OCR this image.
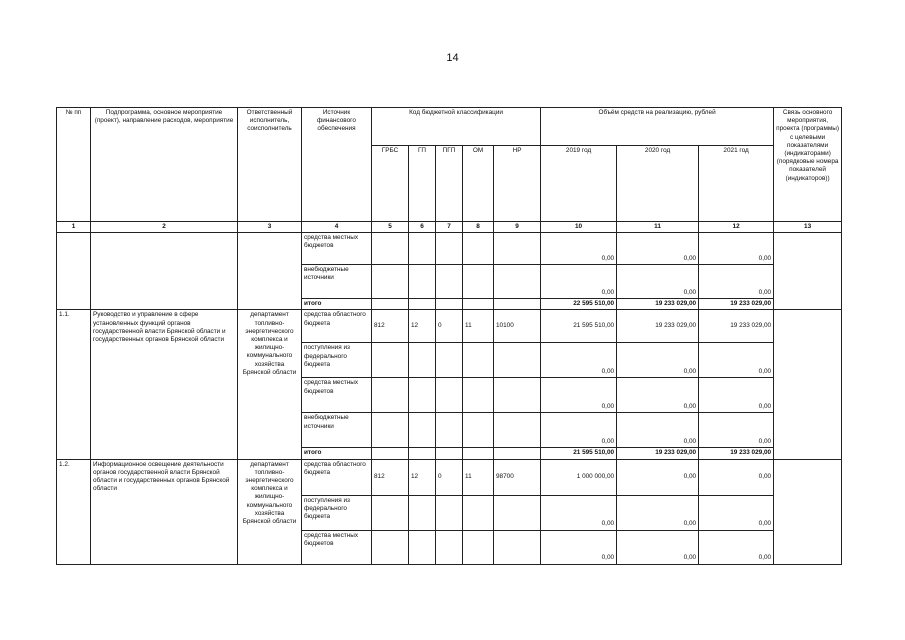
14
№ пп	Подпрограмма, основное мероприятие (проект), направление расходов, мероприятие	Ответственный исполнитель, соисполнитель	Источник финансового обеспечения	Код бюджетной классификации					Объём средств на реализацию, рублей			Связь основного мероприятия, проекта (программы) с целевыми показателями (индикаторами) (порядковые номера показателей (индикаторов))
				ГРБС	ГП	ПГП	ОМ	НР	2019 год	2020 год	2021 год	
1	2	3	4	5	6	7	8	9	10	11	12	13
			средства местных бюджетов						0,00	0,00	0,00	
			внебюджетные источники						0,00	0,00	0,00	
			итого						22 595 510,00	19 233 029,00	19 233 029,00	
1.1.	Руководство и управление в сфере установленных функций органов государственной власти Брянской области и государственных органов Брянской области	департамент топливно-энергетического комплекса и жилищно-коммунального хозяйства Брянской области	средства областного бюджета	812	12	0	11	10100	21 595 510,00	19 233 029,00	19 233 029,00	
			поступления из федерального бюджета						0,00	0,00	0,00	
			средства местных бюджетов						0,00	0,00	0,00	
			внебюджетные источники						0,00	0,00	0,00	
			итого						21 595 510,00	19 233 029,00	19 233 029,00	
1.2.	Информационное освещение деятельности органов государственной власти Брянской области и государственных органов Брянской области	департамент топливно-энергетического комплекса и жилищно-коммунального хозяйства Брянской области	средства областного бюджета	812	12	0	11	98700	1 000 000,00	0,00	0,00	
			поступления из федерального бюджета						0,00	0,00	0,00	
			средства местных бюджетов						0,00	0,00	0,00	
